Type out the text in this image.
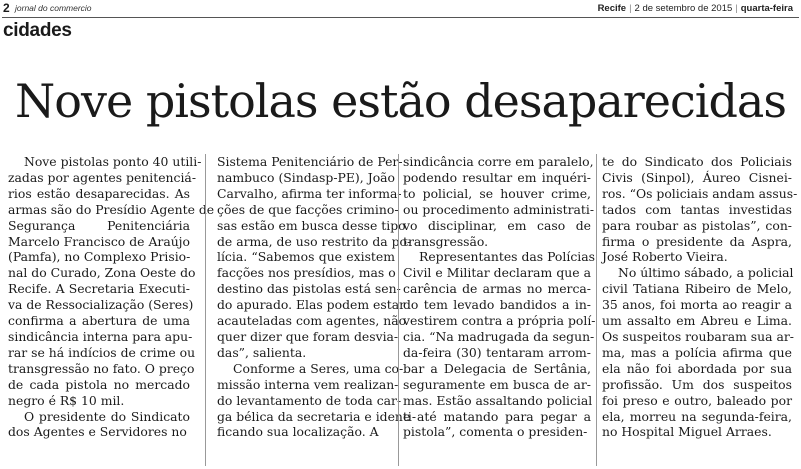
2 jornal do commercio	Recife | 2 de setembro de 2015 | quarta-feira
cidades
Nove pistolas estão desaparecidas

Nove pistolas ponto 40 utili-
zadas por agentes penitenciá-
rios estão desaparecidas. As
armas são do Presídio Agente de
Segurança Penitenciária
Marcelo Francisco de Araújo
(Pamfa), no Complexo Prisio-
nal do Curado, Zona Oeste do
Recife. A Secretaria Executi-
va de Ressocialização (Seres)
confirma a abertura de uma
sindicância interna para apu-
rar se há indícios de crime ou
transgressão no fato. O preço
de cada pistola no mercado
negro é R$ 10 mil.

O presidente do Sindicato
dos Agentes e Servidores no

Sistema Penitenciário de Per-
nambuco (Sindasp-PE), João
Carvalho, afirma ter informa-
ções de que facções crimino-
sas estão em busca desse tipo
de arma, de uso restrito da po-
lícia. “Sabemos que existem
facções nos presídios, mas o
destino das pistolas está sen-
do apurado. Elas podem estar
acauteladas com agentes, não
quer dizer que foram desvia-
das”, salienta.

Conforme a Seres, uma co-
missão interna vem realizan-
do levantamento de toda car-
ga bélica da secretaria e identi-
ficando sua localização. A

sindicância corre em paralelo,
podendo resultar em inquéri-
to policial, se houver crime,
ou procedimento administrati-
vo disciplinar, em caso de
transgressão.

Representantes das Polícias
Civil e Militar declaram que a
carência de armas no merca-
do tem levado bandidos a in-
vestirem contra a própria polí-
cia. “Na madrugada da segun-
da-feira (30) tentaram arrom-
bar a Delegacia de Sertânia,
seguramente em busca de ar-
mas. Estão assaltando policial
e até matando para pegar a
pistola”, comenta o presiden-

te do Sindicato dos Policiais
Civis (Sinpol), Áureo Cisnei-
ros. “Os policiais andam assus-
tados com tantas investidas
para roubar as pistolas”, con-
firma o presidente da Aspra,
José Roberto Vieira.

No último sábado, a policial
civil Tatiana Ribeiro de Melo,
35 anos, foi morta ao reagir a
um assalto em Abreu e Lima.
Os suspeitos roubaram sua ar-
ma, mas a polícia afirma que
ela não foi abordada por sua
profissão. Um dos suspeitos
foi preso e outro, baleado por
ela, morreu na segunda-feira,
no Hospital Miguel Arraes.
